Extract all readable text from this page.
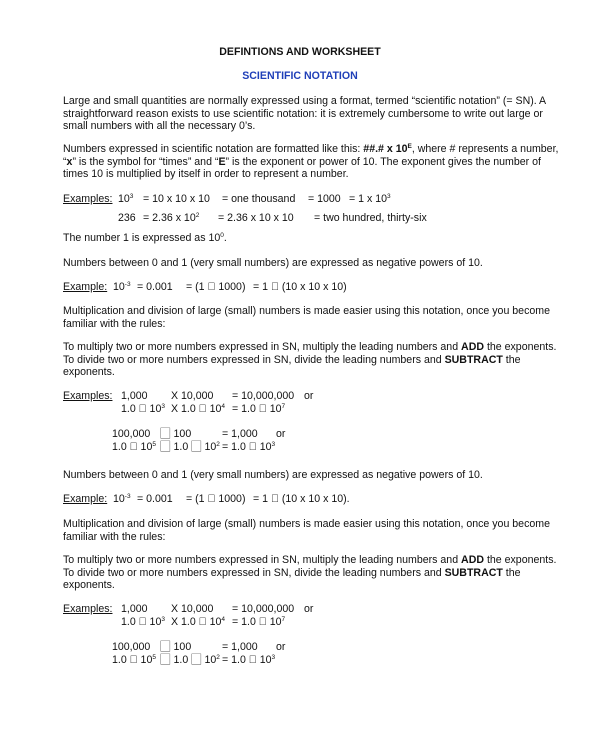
DEFINTIONS AND WORKSHEET
SCIENTIFIC NOTATION
Large and small quantities are normally expressed using a format, termed “scientific notation” (= SN). A straightforward reason exists to use scientific notation: it is extremely cumbersome to write out large or small numbers with all the necessary 0’s.
Numbers expressed in scientific notation are formatted like this: ##.# x $10^E$, where # represents a number, “x” is the symbol for “times” and “E” is the exponent or power of 10. The exponent gives the number of times 10 is multiplied by itself in order to represent a number.
Examples: $10^3 = 10$ x 10 x 10 = one thousand = 1000 = 1 x $10^3$
236 = 2.36 x $10^2 = 2.36$ x 10 x 10 = two hundred, thirty-six
The number 1 is expressed as $10^0$.
Numbers between 0 and 1 (very small numbers) are expressed as negative powers of 10.
Example: $10^{-3} = 0.001 = (1$ ⃞ 1000) = 1 ⃞ (10 x 10 x 10)
Multiplication and division of large (small) numbers is made easier using this notation, once you become familiar with the rules:
To multiply two or more numbers expressed in SN, multiply the leading numbers and ADD the exponents. To divide two or more numbers expressed in SN, divide the leading numbers and SUBTRACT the exponents.
Examples: 1,000 X 10,000 = 10,000,000 or
1.0 ⃞ $10^3$ X 1.0 ⃞ $10^4 = 1.0$ ⃞ $10^7$
100,000 ⃞ 100	= 1,000 or
1.0 ⃞ $10^5$ ⃞ 1.0 ⃞ $10^2 = 1.0$ ⃞ $10^3$
Numbers between 0 and 1 (very small numbers) are expressed as negative powers of 10.
Example: $10^{-3} = 0.001 = (1$ ⃞ 1000) = 1 ⃞ (10 x 10 x 10).
Multiplication and division of large (small) numbers is made easier using this notation, once you become familiar with the rules:
To multiply two or more numbers expressed in SN, multiply the leading numbers and ADD the exponents. To divide two or more numbers expressed in SN, divide the leading numbers and SUBTRACT the exponents.
Examples: 1,000 X 10,000 = 10,000,000 or
1.0 ⃞ $10^3$ X 1.0 ⃞ $10^4 = 1.0$ ⃞ $10^7$
100,000 ⃞ 100	= 1,000 or
1.0 ⃞ $10^5$ ⃞ 1.0 ⃞ $10^2 = 1.0$ ⃞ $10^3$
